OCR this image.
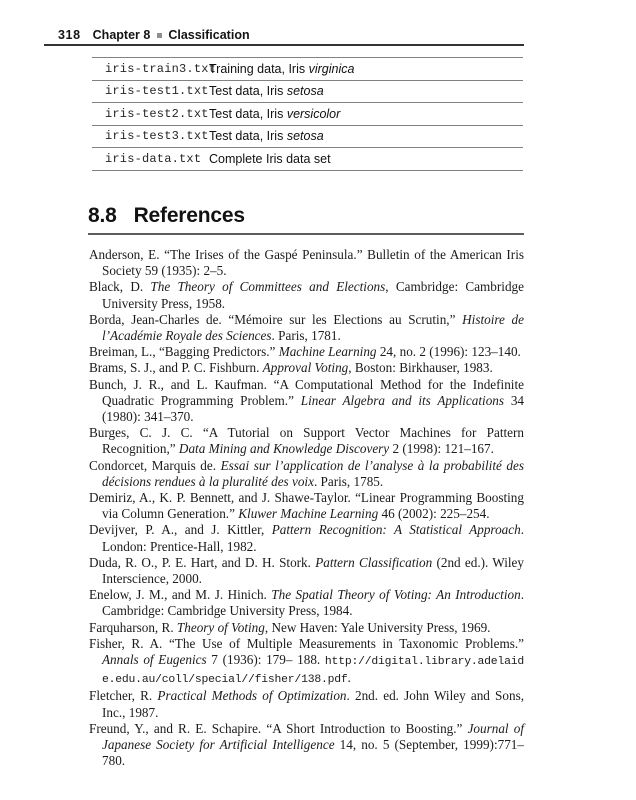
318 Chapter 8 Classification
iris-train3.txt
Training data, Iris virginica
iris-test1.txt Test data, Iris setosa
iris-test2.txt Test data, Iris versicolor
iris-test3.txt Test data, Iris setosa
iris-data.txt Complete Iris data set
8.8 References

Anderson, E. “The Irises of the Gaspé Peninsula.” Bulletin of the American Iris Society 59 (1935): 2–5.

Black, D. The Theory of Committees and Elections, Cambridge: Cambridge University Press, 1958.

Borda, Jean-Charles de. “Mémoire sur les Elections au Scrutin,” Histoire de l’Académie Royale des Sciences. Paris, 1781.

Breiman, L., “Bagging Predictors.” Machine Learning 24, no. 2 (1996): 123–140.

Brams, S. J., and P. C. Fishburn. Approval Voting, Boston: Birkhauser, 1983.

Bunch, J. R., and L. Kaufman. “A Computational Method for the Indefinite Quadratic Programming Problem.” Linear Algebra and its Applications 34 (1980): 341–370.

Burges, C. J. C. “A Tutorial on Support Vector Machines for Pattern Recognition,” Data Mining and Knowledge Discovery 2 (1998): 121–167.

Condorcet, Marquis de. Essai sur l’application de l’analyse à la probabilité des décisions rendues à la pluralité des voix. Paris, 1785.

Demiriz, A., K. P. Bennett, and J. Shawe-Taylor. “Linear Programming Boosting via Column Generation.” Kluwer Machine Learning 46 (2002): 225–254.

Devijver, P. A., and J. Kittler, Pattern Recognition: A Statistical Approach. London: Prentice-Hall, 1982.

Duda, R. O., P. E. Hart, and D. H. Stork. Pattern Classification (2nd ed.). Wiley Interscience, 2000.

Enelow, J. M., and M. J. Hinich. The Spatial Theory of Voting: An Introduction. Cambridge: Cambridge University Press, 1984.

Farquharson, R. Theory of Voting, New Haven: Yale University Press, 1969.

Fisher, R. A. “The Use of Multiple Measurements in Taxonomic Problems.” Annals of Eugenics 7 (1936): 179– 188. http://digital.library.adelaide.edu.au/coll/special//fisher/138.pdf.

Fletcher, R. Practical Methods of Optimization. 2nd. ed. John Wiley and Sons, Inc., 1987.

Freund, Y., and R. E. Schapire. “A Short Introduction to Boosting.” Journal of Japanese Society for Artificial Intelligence 14, no. 5 (September, 1999):771–780.
